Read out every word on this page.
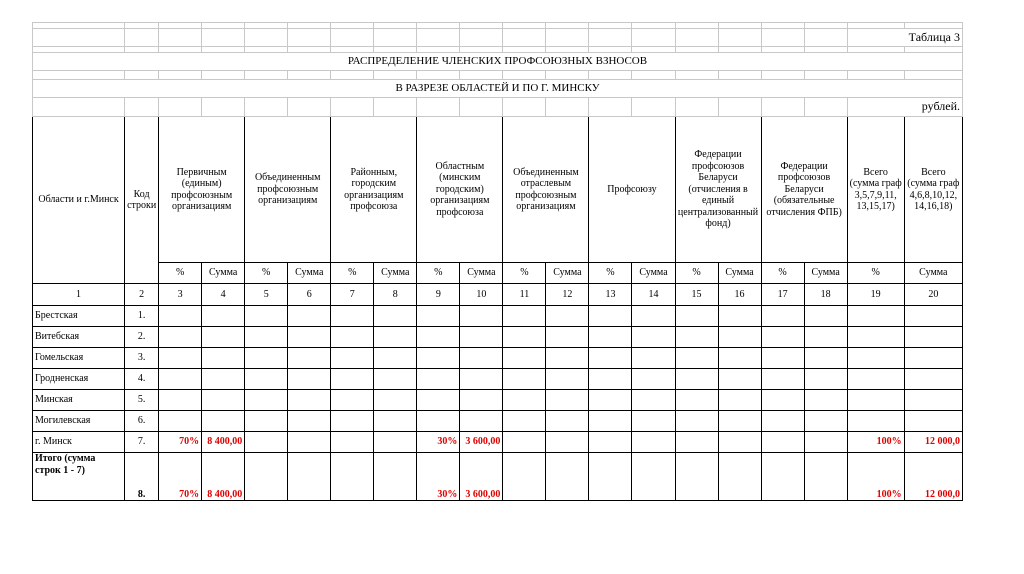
																		Таблица 3	

РАСПРЕДЕЛЕНИЕ ЧЛЕНСКИХ ПРОФСОЮЗНЫХ ВЗНОСОВ																			

В РАЗРЕЗЕ ОБЛАСТЕЙ И ПО Г. МИНСКУ																			
																		рублей.	
Области и г.Минск	Код строки	Первичным (единым) профсоюзным организациям		Объединенным профсоюзным организациям		Районным, городским организациям профсоюза		Областным (минским городским) организациям профсоюза		Объединенным отраслевым профсоюзным организациям		Профсоюзу		Федерации профсоюзов Беларуси (отчисления в единый централизованный фонд)		Федерации профсоюзов Беларуси (обязательные отчисления ФПБ)		Всего (сумма граф 3,5,7,9,11, 13,15,17)	Всего (сумма граф 4,6,8,10,12, 14,16,18)
		%	Сумма	%	Сумма	%	Сумма	%	Сумма	%	Сумма	%	Сумма	%	Сумма	%	Сумма	%	Сумма
1	2	3	4	5	6	7	8	9	10	11	12	13	14	15	16	17	18	19	20
Брестская	1.																		
Витебская	2.																		
Гомельская	3.																		
Гродненская	4.																		
Минская	5.																		
Могилевская	6.																		
г. Минск	7.	70%	8 400,00					30%	3 600,00									100%	12 000,0
Итого (сумма строк 1 - 7)	8.	70%	8 400,00					30%	3 600,00									100%	12 000,0
